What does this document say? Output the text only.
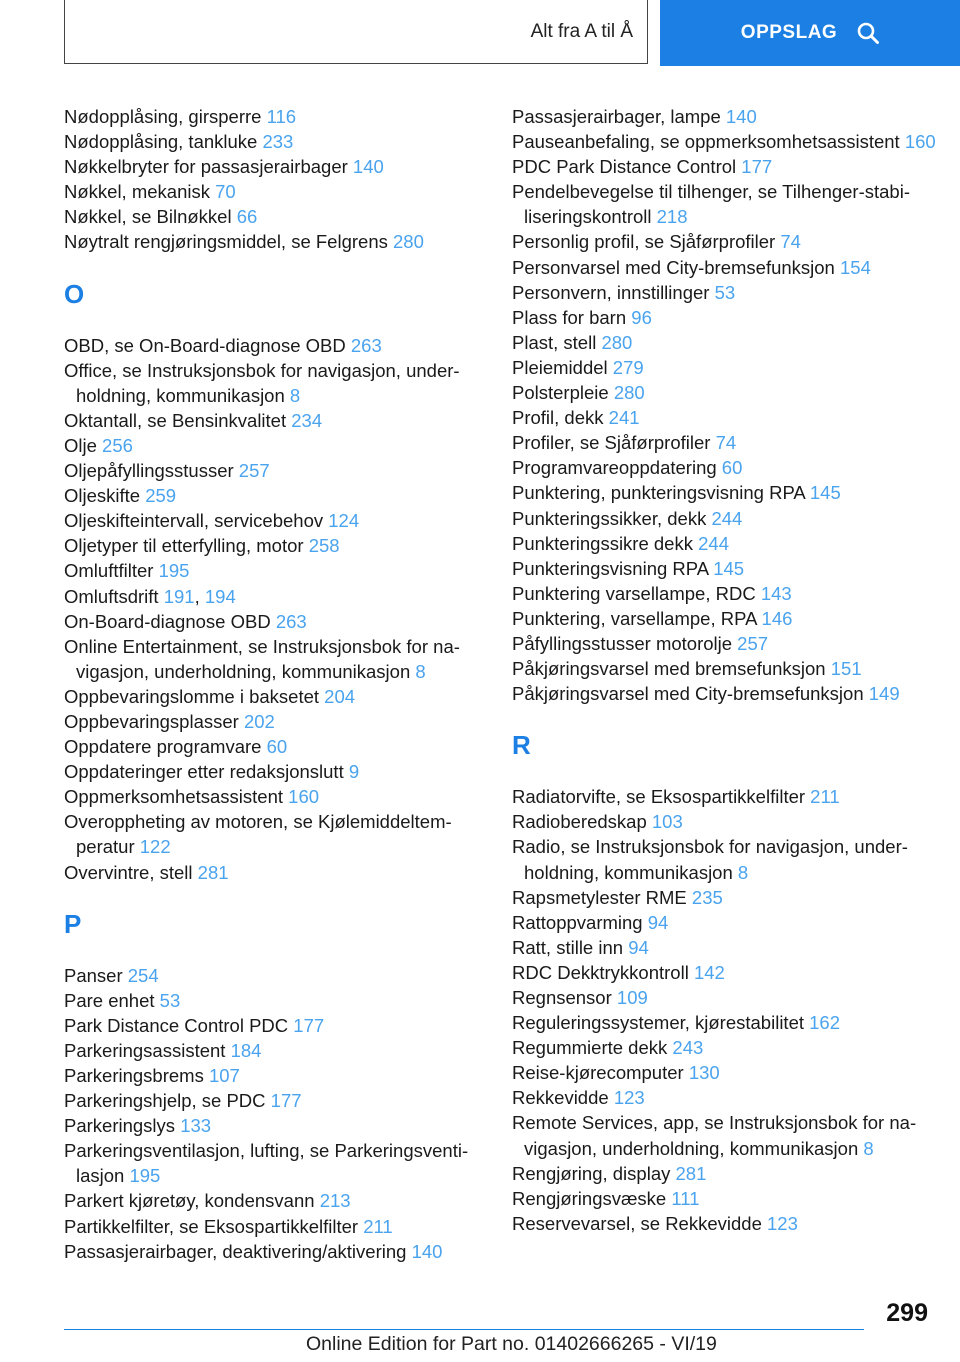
Alt fra A til Å	OPPSLAG
Nødopplåsing, girsperre 116
Nødopplåsing, tankluke 233
Nøkkelbryter for passasjerairbager 140
Nøkkel, mekanisk 70
Nøkkel, se Bilnøkkel 66
Nøytralt rengjøringsmiddel, se Felgrens 280
O
OBD, se On-Board-diagnose OBD 263
Office, se Instruksjonsbok for navigasjon, underholdning, kommunikasjon 8
Oktantall, se Bensinkvalitet 234
Olje 256
Oljepåfyllingsstusser 257
Oljeskifte 259
Oljeskifteintervall, servicebehov 124
Oljetyper til etterfylling, motor 258
Omluftfilter 195
Omluftsdrift 191, 194
On-Board-diagnose OBD 263
Online Entertainment, se Instruksjonsbok for navigasjon, underholdning, kommunikasjon 8
Oppbevaringslomme i baksetet 204
Oppbevaringsplasser 202
Oppdatere programvare 60
Oppdateringer etter redaksjonslutt 9
Oppmerksomhetsassistent 160
Overoppheting av motoren, se Kjølemiddeltemperatur 122
Overvintre, stell 281
P
Panser 254
Pare enhet 53
Park Distance Control PDC 177
Parkeringsassistent 184
Parkeringsbrems 107
Parkeringshjelp, se PDC 177
Parkeringslys 133
Parkeringsventilasjon, lufting, se Parkeringsventilasjon 195
Parkert kjøretøy, kondensvann 213
Partikkelfilter, se Eksospartikkelfilter 211
Passasjerairbager, deaktivering/aktivering 140
Passasjerairbager, lampe 140
Pauseanbefaling, se oppmerksomhetsassistent 160
PDC Park Distance Control 177
Pendelbevegelse til tilhenger, se Tilhenger-stabiliseringskontroll 218
Personlig profil, se Sjåførprofiler 74
Personvarsel med City-bremsefunksjon 154
Personvern, innstillinger 53
Plass for barn 96
Plast, stell 280
Pleiemiddel 279
Polsterpleie 280
Profil, dekk 241
Profiler, se Sjåførprofiler 74
Programvareoppdatering 60
Punktering, punkteringsvisning RPA 145
Punkteringssikker, dekk 244
Punkteringssikre dekk 244
Punkteringsvisning RPA 145
Punktering varsellampe, RDC 143
Punktering, varsellampe, RPA 146
Påfyllingsstusser motorolje 257
Påkjøringsvarsel med bremsefunksjon 151
Påkjøringsvarsel med City-bremsefunksjon 149
R
Radiatorvifte, se Eksospartikkelfilter 211
Radioberedskap 103
Radio, se Instruksjonsbok for navigasjon, underholdning, kommunikasjon 8
Rapsmetylester RME 235
Rattoppvarming 94
Ratt, stille inn 94
RDC Dekktrykkontroll 142
Regnsensor 109
Reguleringssystemer, kjørestabilitet 162
Regummierte dekk 243
Reise-kjørecomputer 130
Rekkevidde 123
Remote Services, app, se Instruksjonsbok for navigasjon, underholdning, kommunikasjon 8
Rengjøring, display 281
Rengjøringsvæske 111
Reservevarsel, se Rekkevidde 123
299
Online Edition for Part no. 01402666265 - VI/19
